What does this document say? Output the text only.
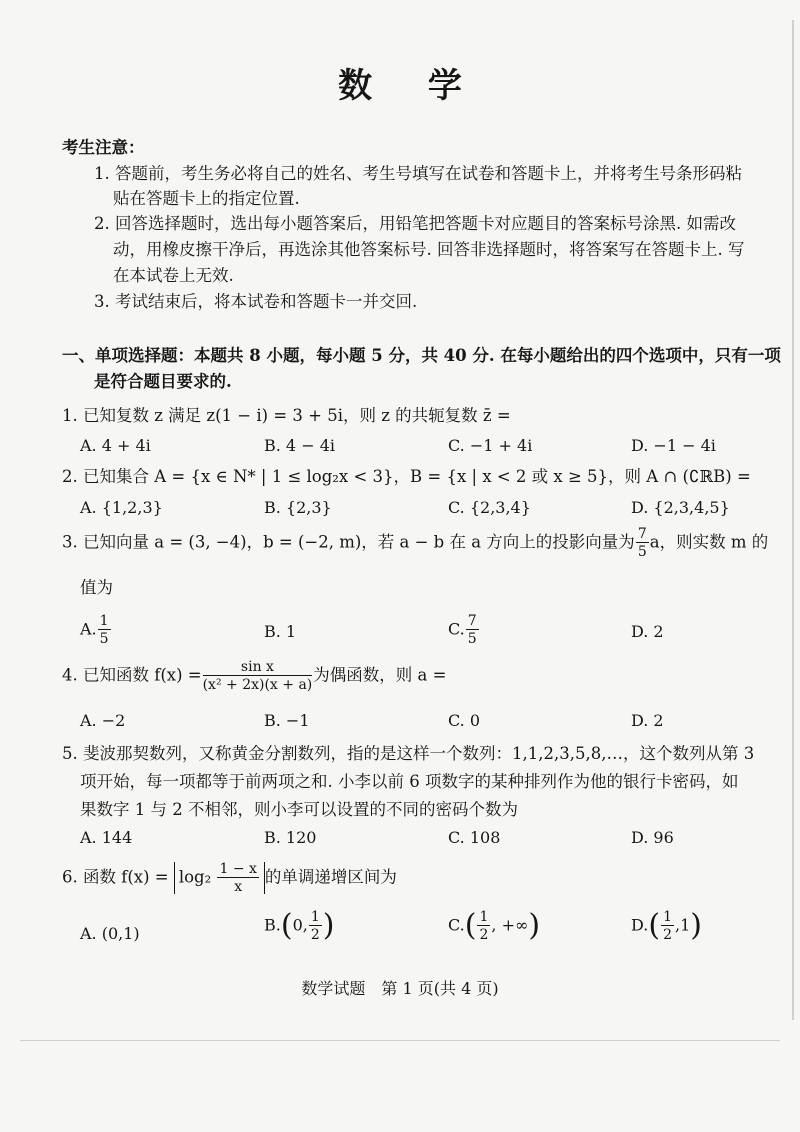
数 学
考生注意：
1. 答题前，考生务必将自己的姓名、考生号填写在试卷和答题卡上，并将考生号条形码粘
贴在答题卡上的指定位置.
2. 回答选择题时，选出每小题答案后，用铅笔把答题卡对应题目的答案标号涂黑. 如需改
动，用橡皮擦干净后，再选涂其他答案标号. 回答非选择题时，将答案写在答题卡上. 写
在本试卷上无效.
3. 考试结束后，将本试卷和答题卡一并交回.
一、单项选择题：本题共 8 小题，每小题 5 分，共 40 分. 在每小题给出的四个选项中，只有一项
是符合题目要求的.
1. 已知复数 z 满足 z(1 − i) = 3 + 5i，则 z 的共轭复数 z̄ =
A. 4 + 4i	B. 4 − 4i	C. −1 + 4i	D. −1 − 4i
2. 已知集合 A = {x ∈ N* | 1 ≤ log₂x < 3}，B = {x | x < 2 或 x ≥ 5}，则 A ∩ (∁ℝB) =
A. {1,2,3}	B. {2,3}	C. {2,3,4}	D. {2,3,4,5}
3. 已知向量 a = (3, −4)，b = (−2, m)，若 a − b 在 a 方向上的投影向量为 $\frac{7}{5}$ a，则实数 m 的
值为
A. $\frac{1}{5}$	B. 1	C. $\frac{7}{5}$	D. 2
4. 已知函数 $f(x) = \frac{\text{sin x}}{\text{(x² + 2x)(x + a)}}$ 为偶函数，则 a =
A. −2	B. −1	C. 0	D. 2
5. 斐波那契数列，又称黄金分割数列，指的是这样一个数列：1,1,2,3,5,8,…，这个数列从第 3
项开始，每一项都等于前两项之和. 小李以前 6 项数字的某种排列作为他的银行卡密码，如
果数字 1 与 2 不相邻，则小李可以设置的不同的密码个数为
A. 144	B. 120	C. 108	D. 96
6. 函数 $f(x) = \log_2 \frac{1 - x}{x}$ 的单调递增区间为
A. (0,1)	B.(0, $\frac{1}{2}$ )	$C.( \frac{1}{2}$ , +∞)	$D.( \frac{1}{2} ,1)$
数学试题　第 1 页(共 4 页)
